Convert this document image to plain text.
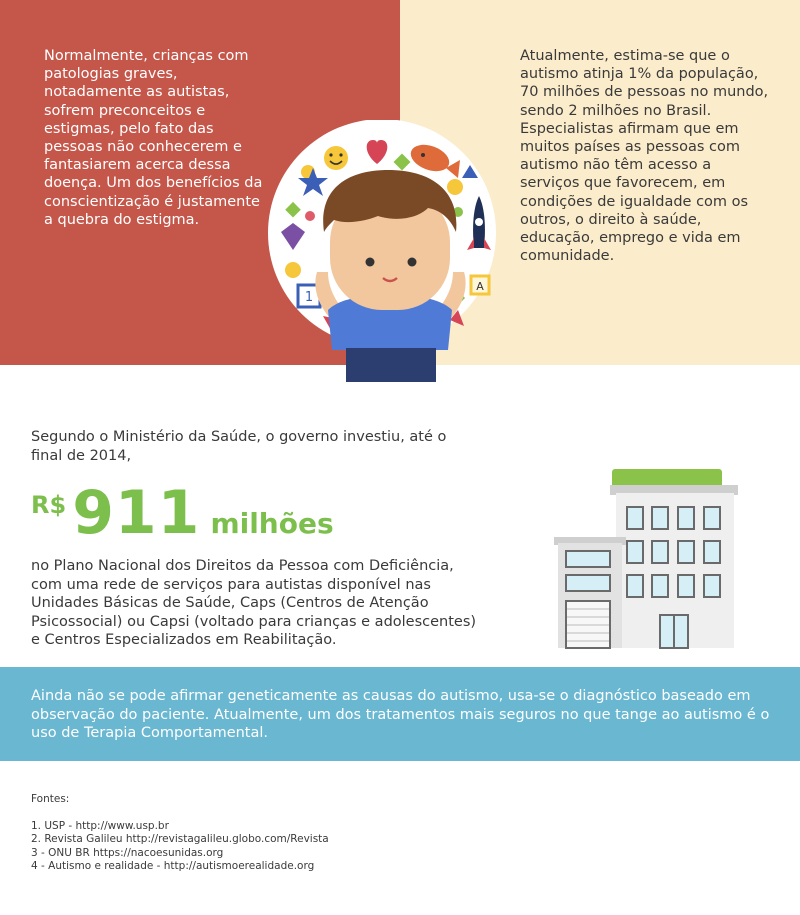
Normalmente, crianças com patologias graves, notadamente as autistas, sofrem preconceitos e estigmas, pelo fato das pessoas não conhecerem e fantasiarem acerca dessa doença. Um dos benefícios da conscientização é justamente a quebra do estigma.
Atualmente, estima-se que o autismo atinja 1% da população, 70 milhões de pessoas no mundo, sendo 2 milhões no Brasil. Especialistas afirmam que em muitos países as pessoas com autismo não têm acesso a serviços que favorecem, em condições de igualdade com os outros, o direito à saúde, educação, emprego e vida em comunidade.
1
A
Segundo o Ministério da Saúde, o governo investiu, até o final de 2014,
R$ 911 milhões
no Plano Nacional dos Direitos da Pessoa com Deficiência, com uma rede de serviços para autistas disponível nas Unidades Básicas de Saúde, Caps (Centros de Atenção Psicossocial) ou Capsi (voltado para crianças e adolescentes) e Centros Especializados em Reabilitação.
Ainda não se pode afirmar geneticamente as causas do autismo, usa-se o diagnóstico baseado em observação do paciente. Atualmente, um dos tratamentos mais seguros no que tange ao autismo é o uso de Terapia Comportamental.
Fontes:
1. USP - http://www.usp.br
2. Revista Galileu http://revistagalileu.globo.com/Revista
3 - ONU BR https://nacoesunidas.org
4 - Autismo e realidade - http://autismoerealidade.org
